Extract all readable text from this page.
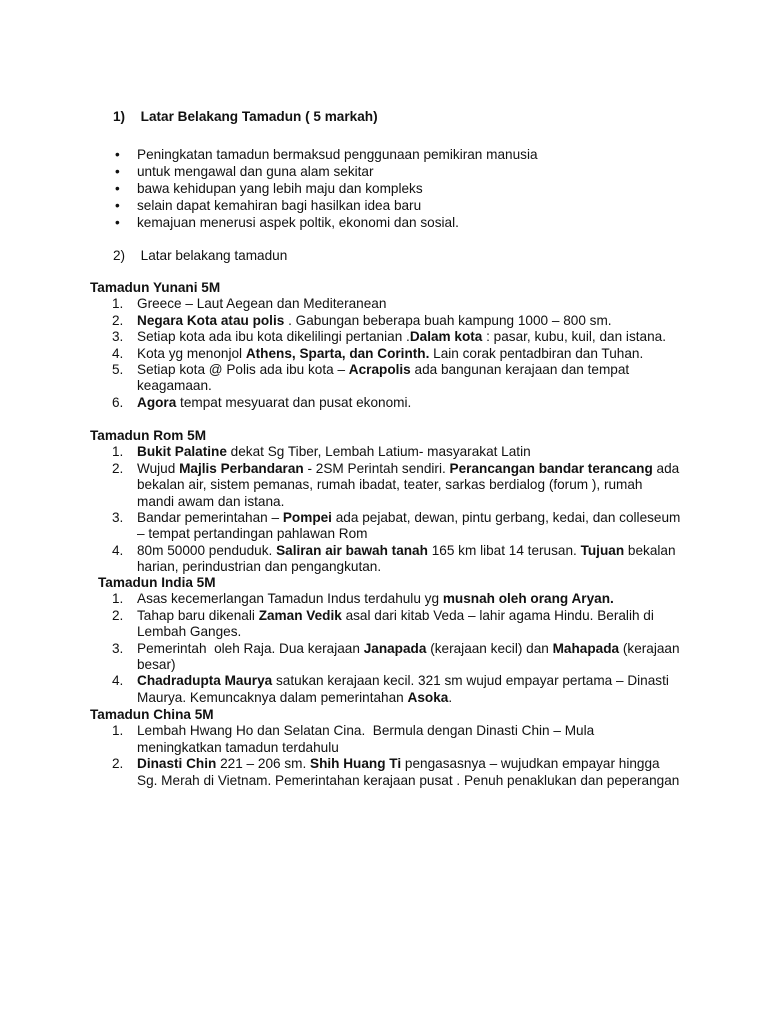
1) Latar Belakang Tamadun ( 5 markah)
• Peningkatan tamadun bermaksud penggunaan pemikiran manusia
• untuk mengawal dan guna alam sekitar
• bawa kehidupan yang lebih maju dan kompleks
• selain dapat kemahiran bagi hasilkan idea baru
• kemajuan menerusi aspek poltik, ekonomi dan sosial.
2) Latar belakang tamadun
Tamadun Yunani 5M
1. Greece – Laut Aegean dan Mediteranean
2. Negara Kota atau polis . Gabungan beberapa buah kampung 1000 – 800 sm.
3. Setiap kota ada ibu kota dikelilingi pertanian .Dalam kota : pasar, kubu, kuil, dan istana.
4. Kota yg menonjol Athens, Sparta, dan Corinth. Lain corak pentadbiran dan Tuhan.
5. Setiap kota @ Polis ada ibu kota – Acrapolis ada bangunan kerajaan dan tempat keagamaan.
6. Agora tempat mesyuarat dan pusat ekonomi.
Tamadun Rom 5M
1. Bukit Palatine dekat Sg Tiber, Lembah Latium- masyarakat Latin
2. Wujud Majlis Perbandaran - 2SM Perintah sendiri. Perancangan bandar terancang ada bekalan air, sistem pemanas, rumah ibadat, teater, sarkas berdialog (forum ), rumah mandi awam dan istana.
3. Bandar pemerintahan – Pompei ada pejabat, dewan, pintu gerbang, kedai, dan colleseum – tempat pertandingan pahlawan Rom
4. 80m 50000 penduduk. Saliran air bawah tanah 165 km libat 14 terusan. Tujuan bekalan harian, perindustrian dan pengangkutan.
Tamadun India 5M
1. Asas kecemerlangan Tamadun Indus terdahulu yg musnah oleh orang Aryan.
2. Tahap baru dikenali Zaman Vedik asal dari kitab Veda – lahir agama Hindu. Beralih di Lembah Ganges.
3. Pemerintah  oleh Raja. Dua kerajaan Janapada (kerajaan kecil) dan Mahapada (kerajaan besar)
4. Chadradupta Maurya satukan kerajaan kecil. 321 sm wujud empayar pertama – Dinasti Maurya. Kemuncaknya dalam pemerintahan Asoka.
Tamadun China 5M
1. Lembah Hwang Ho dan Selatan Cina.  Bermula dengan Dinasti Chin – Mula meningkatkan tamadun terdahulu
2. Dinasti Chin 221 – 206 sm. Shih Huang Ti pengasasnya – wujudkan empayar hingga Sg. Merah di Vietnam. Pemerintahan kerajaan pusat . Penuh penaklukan dan peperangan
